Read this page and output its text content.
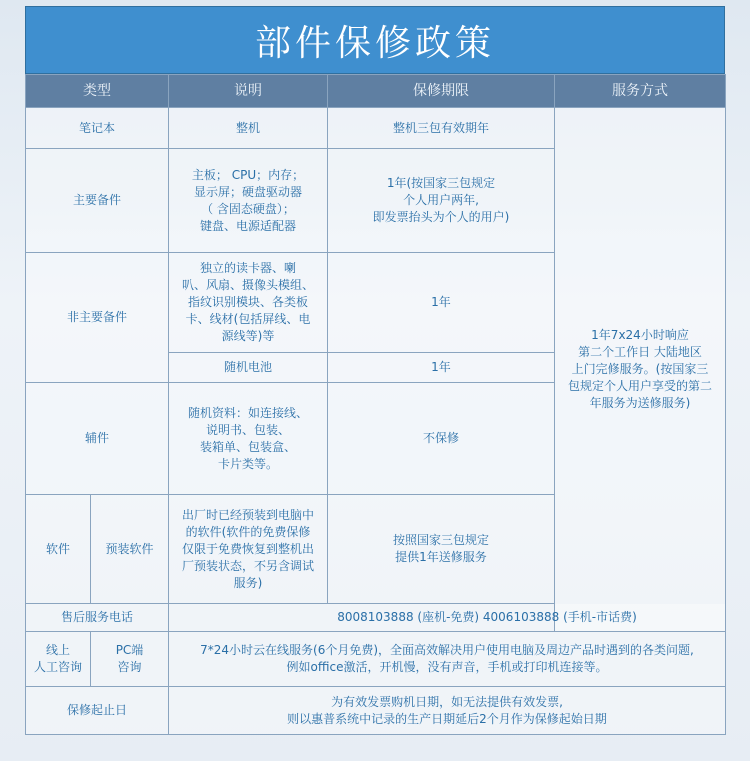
部件保修政策
类型		说明	保修期限	服务方式
笔记本		整机	整机三包有效期年	1年7x24小时响应
第二个工作日 大陆地区
上门完修服务。(按国家三
包规定个人用户享受的第二
年服务为送修服务)
主要备件		主板； CPU；内存；
显示屏；硬盘驱动器
（ 含固态硬盘）；
键盘、电源适配器	1年(按国家三包规定
个人用户两年,
即发票抬头为个人的用户)	
非主要备件		独立的读卡器、喇
叭、风扇、摄像头模组、
指纹识别模块、各类板
卡、线材(包括屏线、电
源线等)等	1年	
		随机电池	1年	
辅件		随机资料：如连接线、
说明书、包装、
装箱单、包装盒、
卡片类等。	不保修	
软件	预装软件	出厂时已经预装到电脑中
的软件(软件的免费保修
仅限于免费恢复到整机出
厂预装状态，不另含调试
服务)	按照国家三包规定
提供1年送修服务	
售后服务电话		8008103888 (座机-免费) 4006103888 (手机-市话费)		
线上
人工咨询	PC端
咨询	7*24小时云在线服务(6个月免费)，全面高效解决用户使用电脑及周边产品时遇到的各类问题,
例如office激活，开机慢，没有声音，手机或打印机连接等。		
保修起止日		为有效发票购机日期，如无法提供有效发票,
则以惠普系统中记录的生产日期延后2个月作为保修起始日期		
